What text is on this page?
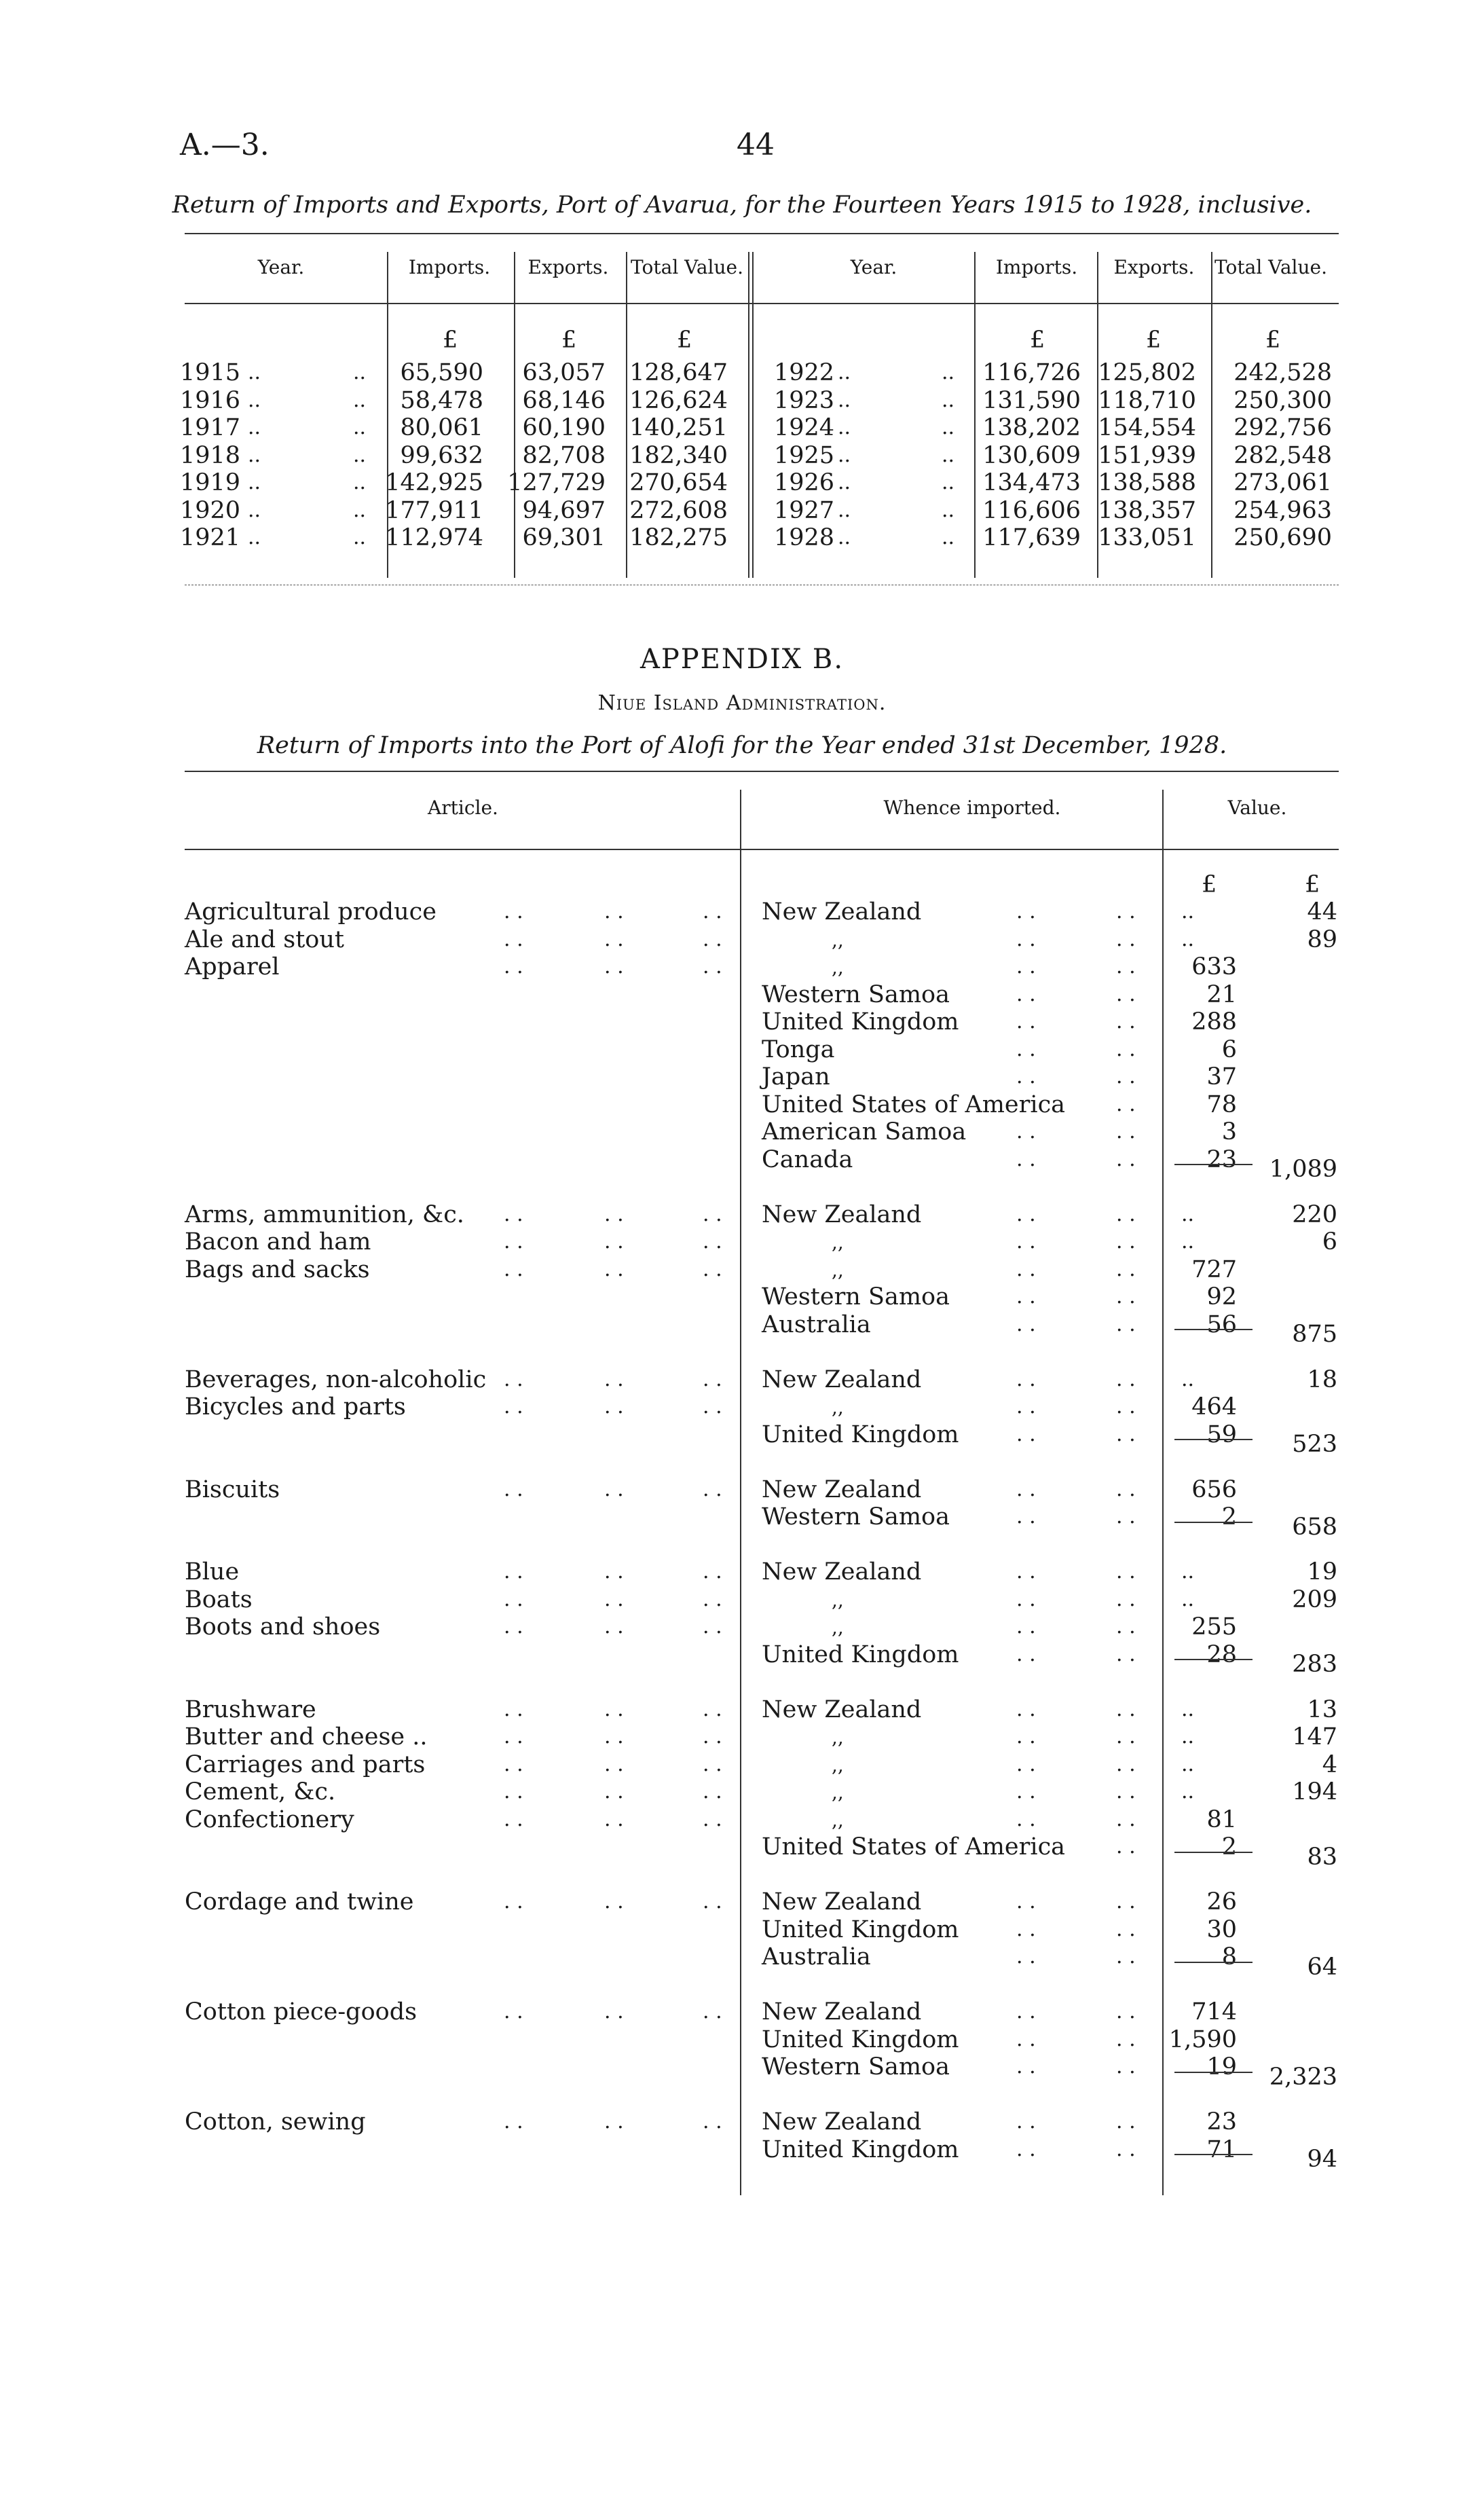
A.—3.	44
Return of Imports and Exports, Port of Avarua, for the Fourteen Years 1915 to 1928, inclusive.
Year.	Imports.	Exports.	Total Value.	Year.	Imports.	Exports.	Total Value.
£	£	£	£	£	£
1915 ..	..	65,590	63,057 128,647
1916 ..	..	58,478	68,146 126,624
1917 ..	..	80,061	60,190 140,251
1918 ..	..	99,632	82,708 182,340
1919 ..	.. 142,925 127,729 270,654
1920 ..	.. 177,911	94,697 272,608
1921 ..	.. 112,974	69,301 182,275
1922 ..	..	116,726 125,802	242,528
1923 ..	..	131,590 118,710	250,300
1924 ..	..	138,202 154,554	292,756
1925 ..	..	130,609 151,939	282,548
1926 ..	..	134,473 138,588	273,061
1927 ..	..	116,606 138,357	254,963
1928 ..	..	117,639 133,051	250,690
APPENDIX B.
Niue Island Administration.
Return of Imports into the Port of Alofi for the Year ended 31st December, 1928.
Article.	Whence imported.	Value.
£	£
Agricultural produce	. .	. .	. . New Zealand	. .	. . ..	44
Ale and stout	. .	. .	. .	,,	. .	. . ..	89
Apparel	. .	. .	. .	,,	. .	. .	633
Western Samoa	. .	. .	21
United Kingdom	. .	. .	288
Tonga	. .	. .	6
Japan	. .	. .	37
United States of America . .	78
American Samoa . .	. .	3
Canada	. .	. .	23 1,089
Arms, ammunition, &c. . .	. .	. . New Zealand	. .	. . ..	220
Bacon and ham	. .	. .	. .	,,	. .	. . ..	6
Bags and sacks	. .	. .	. .	,,	. .	. .	727
Western Samoa	. .	. .	92
Australia	. .	. .	56	875
Beverages, non-alcoholic . .	. .	. . New Zealand	. .	. . ..	18
Bicycles and parts	. .	. .	. .	,,	. .	. .	464
United Kingdom	. .	. .	59	523
Biscuits	. .	. .	. . New Zealand	. .	. .	656
Western Samoa	. .	. .	2	658
Blue	. .	. .	. . New Zealand	. .	. . ..	19
Boats	. .	. .	. .	,,	. .	. . ..	209
Boots and shoes	. .	. .	. .	,,	. .	. .	255
United Kingdom	. .	. .	28	283
Brushware	. .	. .	. . New Zealand	. .	. . ..	13
Butter and cheese ..	. .	. .	. .	,,	. .	. . ..	147
Carriages and parts	. .	. .	. .	,,	. .	. . ..	4
Cement, &c.	. .	. .	. .	,,	. .	. . ..	194
Confectionery	. .	. .	. .	,,	. .	. .	81
United States of America . .	2	83
Cordage and twine	. .	. .	. . New Zealand	. .	. .	26
United Kingdom	. .	. .	30
Australia	. .	. .	8	64
Cotton piece-goods	. .	. .	. . New Zealand	. .	. .	714
United Kingdom	. .	. . 1,590
Western Samoa	. .	. .	19 2,323
Cotton, sewing	. .	. .	. . New Zealand	. .	. .	23
United Kingdom	. .	. .	71	94
